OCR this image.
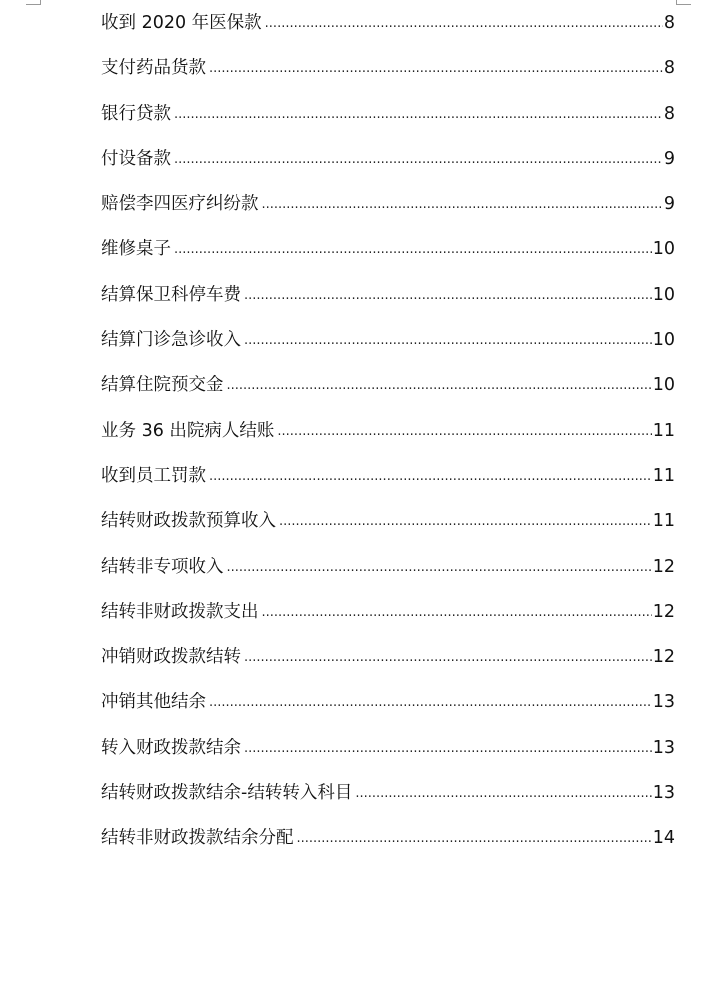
收到 2020 年医保款 .....	8
支付药品货款 .....	8
银行贷款 .....	8
付设备款 .....	9
赔偿李四医疗纠纷款 .....	9
维修桌子 .....	10
结算保卫科停车费 .....	10
结算门诊急诊收入 .....	10
结算住院预交金 .....	10
业务 36 出院病人结账 .....	11
收到员工罚款 .....	11
结转财政拨款预算收入 .....	11
结转非专项收入 .....	12
结转非财政拨款支出 .....	12
冲销财政拨款结转 .....	12
冲销其他结余 .....	13
转入财政拨款结余 .....	13
结转财政拨款结余-结转转入科目 .....	13
结转非财政拨款结余分配 .....	14
